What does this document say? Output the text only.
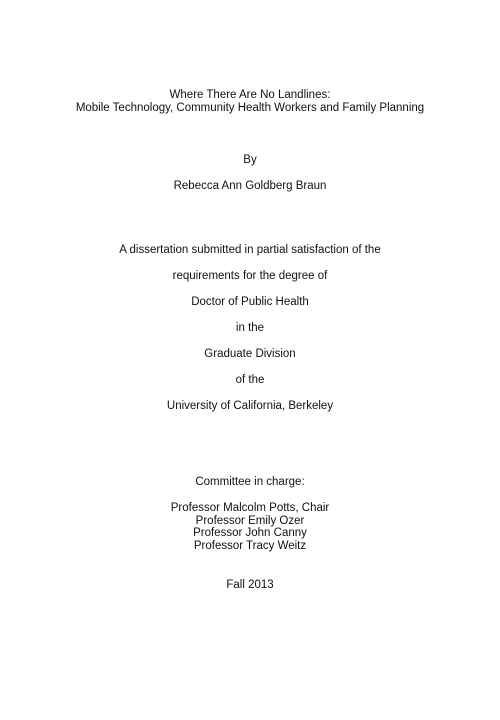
Where There Are No Landlines:
Mobile Technology, Community Health Workers and Family Planning
By
Rebecca Ann Goldberg Braun
A dissertation submitted in partial satisfaction of the
requirements for the degree of
Doctor of Public Health
in the
Graduate Division
of the
University of California, Berkeley
Committee in charge:
Professor Malcolm Potts, Chair
Professor Emily Ozer
Professor John Canny
Professor Tracy Weitz
Fall 2013
